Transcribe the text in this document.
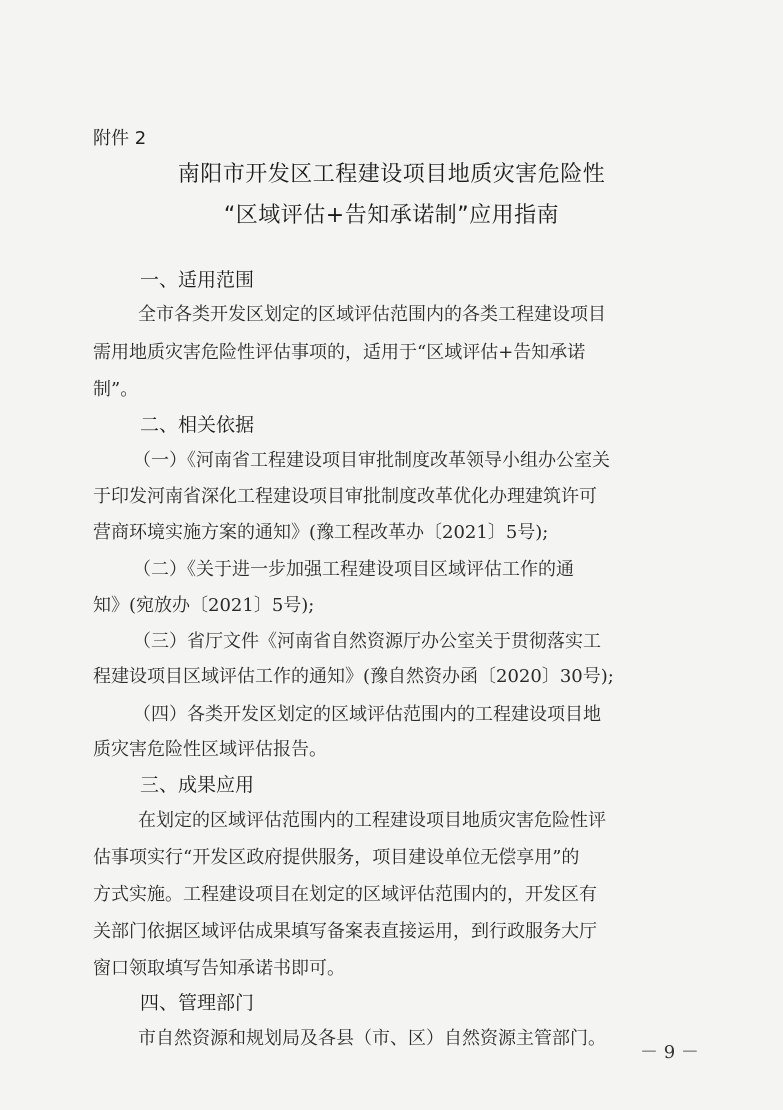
附件 2
南阳市开发区工程建设项目地质灾害危险性
“区域评估+告知承诺制”应用指南
一、适用范围
全市各类开发区划定的区域评估范围内的各类工程建设项目
需用地质灾害危险性评估事项的，适用于“区域评估+告知承诺
制”。
二、相关依据
（一）《河南省工程建设项目审批制度改革领导小组办公室关
于印发河南省深化工程建设项目审批制度改革优化办理建筑许可
营商环境实施方案的通知》(豫工程改革办〔2021〕5号);
（二）《关于进一步加强工程建设项目区域评估工作的通
知》(宛放办〔2021〕5号);
（三）省厅文件《河南省自然资源厅办公室关于贯彻落实工
程建设项目区域评估工作的通知》(豫自然资办函〔2020〕30号);
（四）各类开发区划定的区域评估范围内的工程建设项目地
质灾害危险性区域评估报告。
三、成果应用
在划定的区域评估范围内的工程建设项目地质灾害危险性评
估事项实行“开发区政府提供服务，项目建设单位无偿享用”的
方式实施。工程建设项目在划定的区域评估范围内的，开发区有
关部门依据区域评估成果填写备案表直接运用，到行政服务大厅
窗口领取填写告知承诺书即可。
四、管理部门
市自然资源和规划局及各县（市、区）自然资源主管部门。
－ 9 －
